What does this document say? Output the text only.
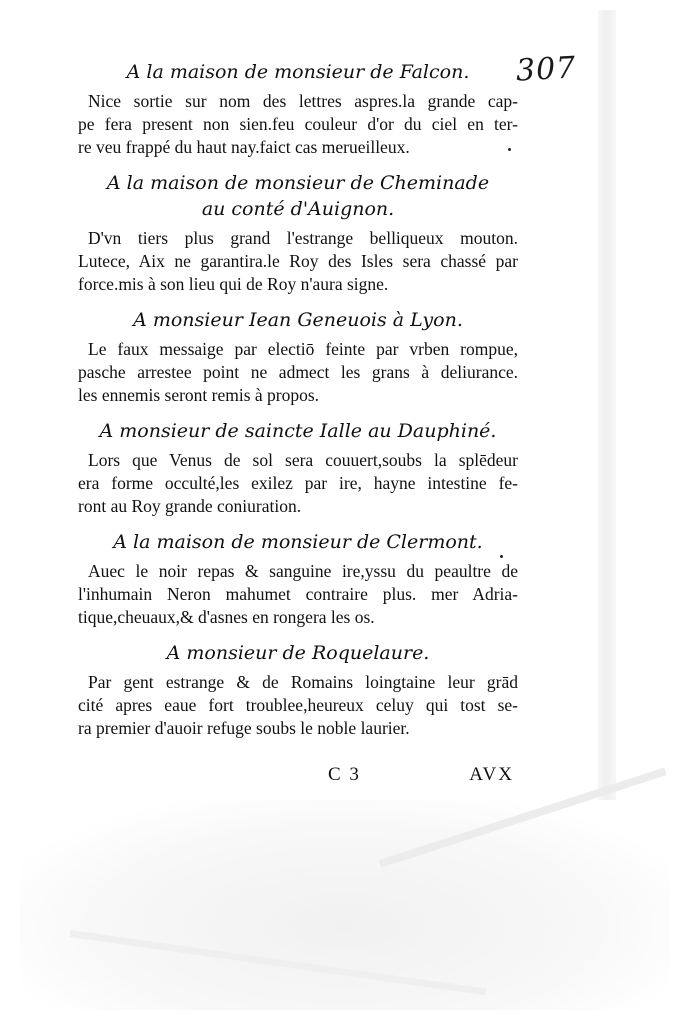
307

A la maison de monsieur de Falcon.

Nice sortie sur nom des lettres aspres.la grande cap-
pe fera present non sien.feu couleur d'or du ciel en ter-
re veu frappé du haut nay.faict cas merueilleux.

A la maison de monsieur de Cheminade

au conté d'Auignon.

D'vn tiers plus grand l'estrange belliqueux mouton.
Lutece, Aix ne garantira.le Roy des Isles sera chassé par
force.mis à son lieu qui de Roy n'aura signe.

A monsieur Iean Geneuois à Lyon.

Le faux messaige par electiō feinte par vrben rompue,
pasche arrestee point ne admect les grans à deliurance.
les ennemis seront remis à propos.

A monsieur de saincte Ialle au Dauphiné.

Lors que Venus de sol sera couuert,soubs la splēdeur
era forme occulté,les exilez par ire, hayne intestine fe-
ront au Roy grande coniuration.

A la maison de monsieur de Clermont.

Auec le noir repas & sanguine ire,yssu du peaultre de
l'inhumain Neron mahumet contraire plus. mer Adria-
tique,cheuaux,& d'asnes en rongera les os.

A monsieur de Roquelaure.

Par gent estrange & de Romains loingtaine leur grād
cité apres eaue fort troublee,heureux celuy qui tost se-
ra premier d'auoir refuge soubs le noble laurier.
C 3	AVX
